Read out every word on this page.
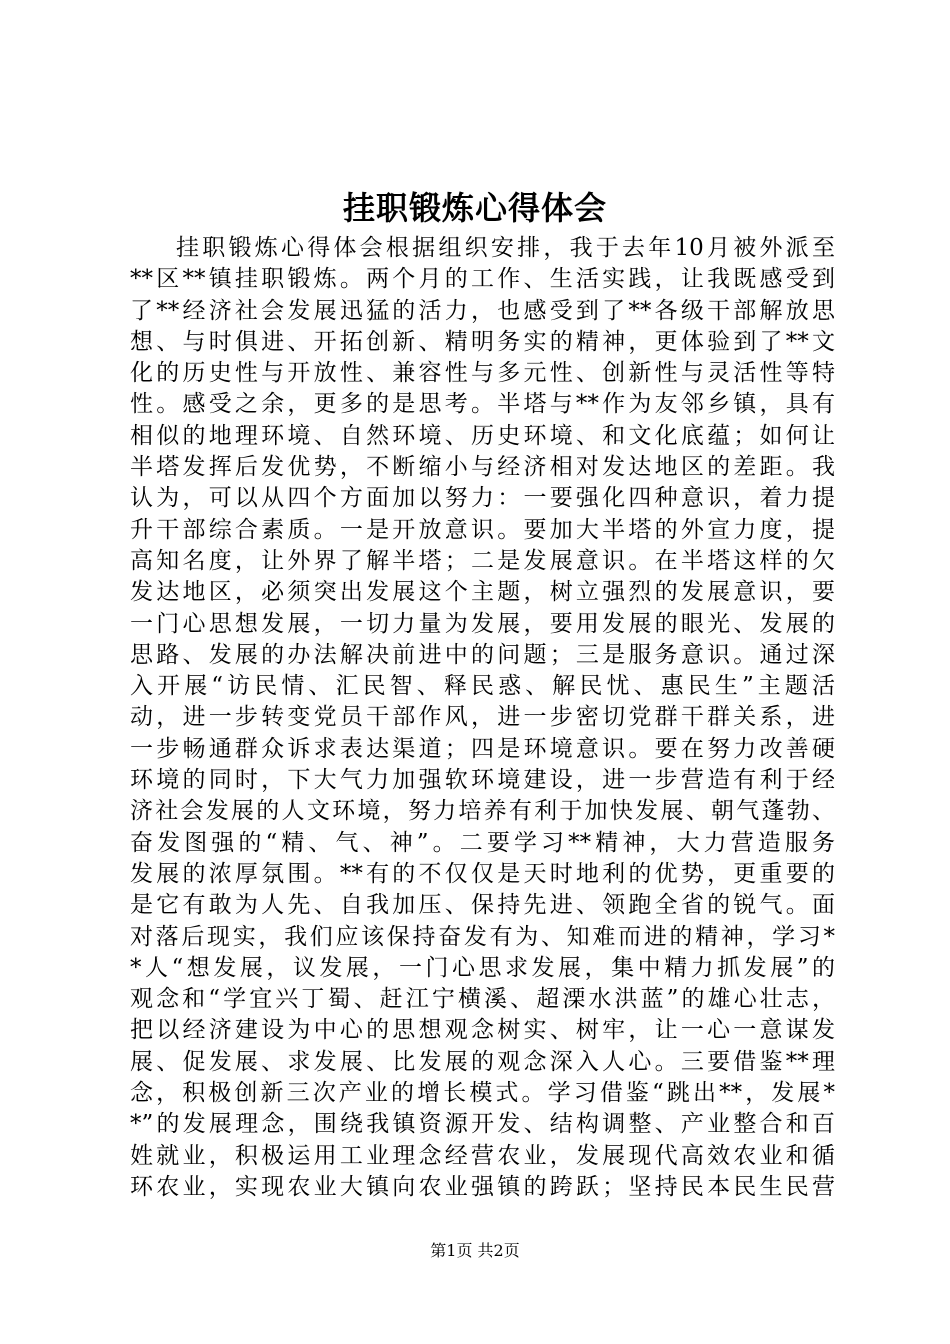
挂职锻炼心得体会
挂职锻炼心得体会根据组织安排，我于去年10月被外派至
**区**镇挂职锻炼。两个月的工作、生活实践，让我既感受到
了**经济社会发展迅猛的活力，也感受到了**各级干部解放思
想、与时俱进、开拓创新、精明务实的精神，更体验到了**文
化的历史性与开放性、兼容性与多元性、创新性与灵活性等特
性。感受之余，更多的是思考。半塔与**作为友邻乡镇，具有
相似的地理环境、自然环境、历史环境、和文化底蕴；如何让
半塔发挥后发优势，不断缩小与经济相对发达地区的差距。我
认为，可以从四个方面加以努力：一要强化四种意识，着力提
升干部综合素质。一是开放意识。要加大半塔的外宣力度，提
高知名度，让外界了解半塔；二是发展意识。在半塔这样的欠
发达地区，必须突出发展这个主题，树立强烈的发展意识，要
一门心思想发展，一切力量为发展，要用发展的眼光、发展的
思路、发展的办法解决前进中的问题；三是服务意识。通过深
入开展“访民情、汇民智、释民惑、解民忧、惠民生”主题活
动，进一步转变党员干部作风，进一步密切党群干群关系，进
一步畅通群众诉求表达渠道；四是环境意识。要在努力改善硬
环境的同时，下大气力加强软环境建设，进一步营造有利于经
济社会发展的人文环境，努力培养有利于加快发展、朝气蓬勃、
奋发图强的“精、气、神”。二要学习**精神，大力营造服务
发展的浓厚氛围。**有的不仅仅是天时地利的优势，更重要的
是它有敢为人先、自我加压、保持先进、领跑全省的锐气。面
对落后现实，我们应该保持奋发有为、知难而进的精神，学习*
*人“想发展，议发展，一门心思求发展，集中精力抓发展”的
观念和“学宜兴丁蜀、赶江宁横溪、超溧水洪蓝”的雄心壮志，
把以经济建设为中心的思想观念树实、树牢，让一心一意谋发
展、促发展、求发展、比发展的观念深入人心。三要借鉴**理
念，积极创新三次产业的增长模式。学习借鉴“跳出**，发展*
*”的发展理念，围绕我镇资源开发、结构调整、产业整合和百
姓就业，积极运用工业理念经营农业，发展现代高效农业和循
环农业，实现农业大镇向农业强镇的跨跃；坚持民本民生民营
第1页 共2页
